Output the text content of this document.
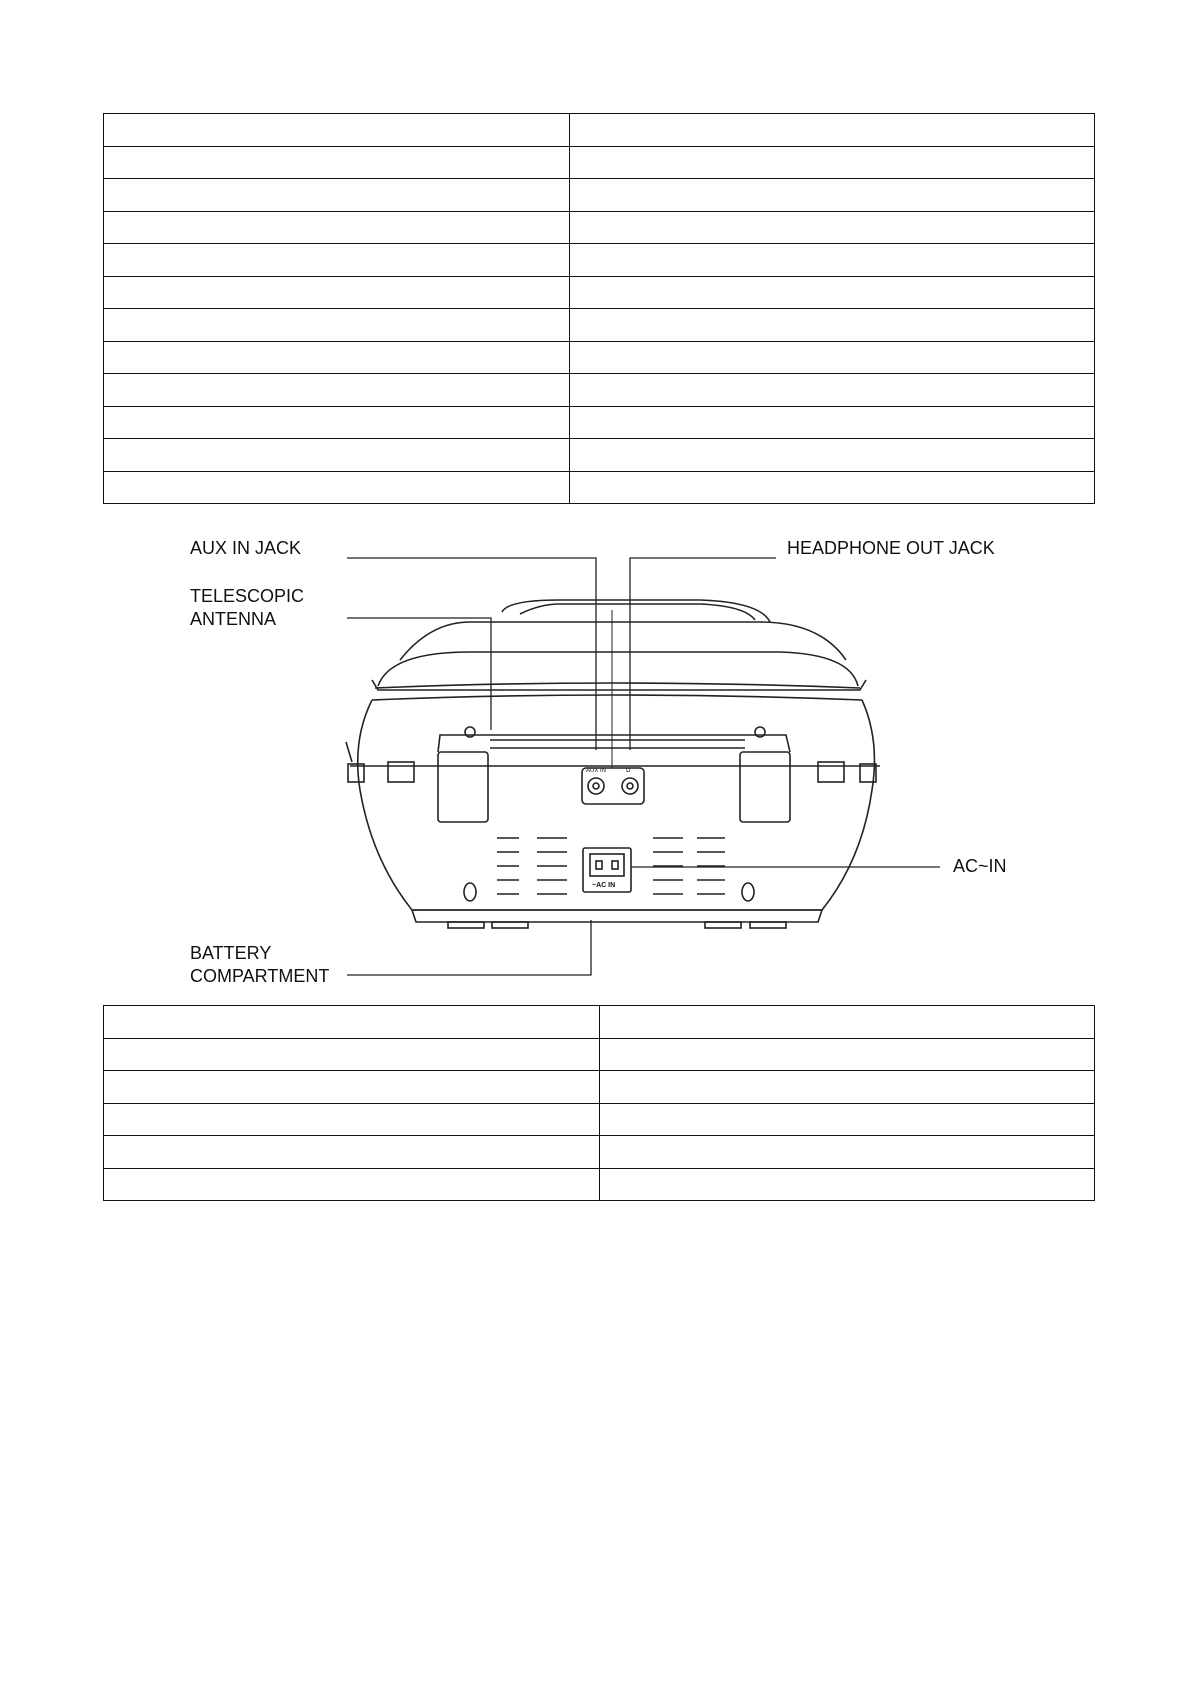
AUX IN JACK
TELESCOPIC
ANTENNA
HEADPHONE OUT JACK
AC~IN
BATTERY
COMPARTMENT
AUX IN	Ω
~AC IN
